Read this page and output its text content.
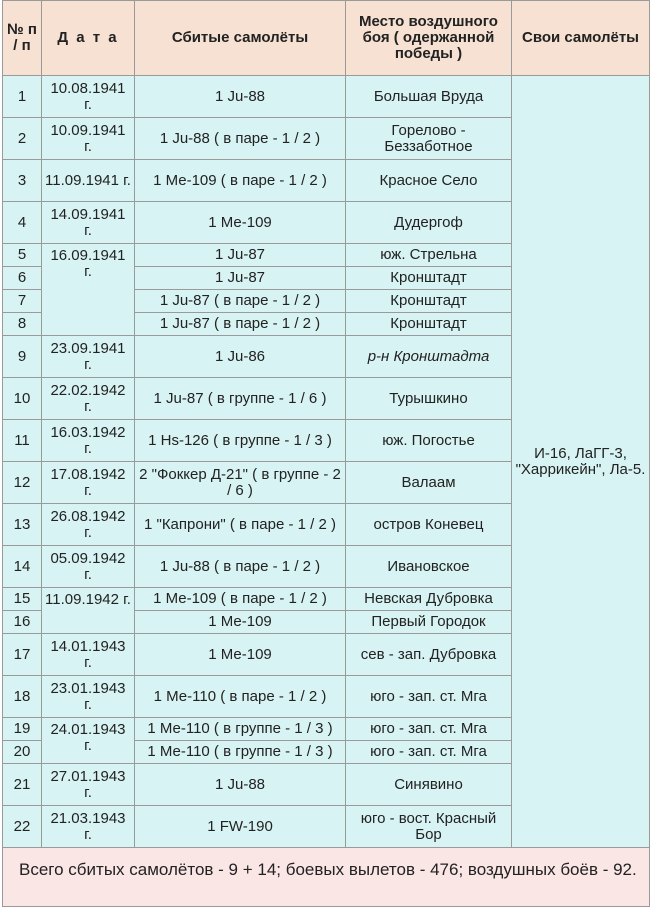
№ п / п	Д а т а	Сбитые самолёты	Место воздушного боя ( одержанной победы )	Свои самолёты
1	10.08.1941 г.	1 Ju-88	Большая Вруда	И-16, ЛаГГ-3, "Харрикейн", Ла-5.
2	10.09.1941 г.	1 Ju-88 ( в паре - 1 / 2 )	Горелово - Беззаботное	
3	11.09.1941 г.	1 Ме-109 ( в паре - 1 / 2 )	Красное Село	
4	14.09.1941 г.	1 Ме-109	Дудергоф	
5	16.09.1941 г.	1 Ju-87	юж. Стрельна	
6		1 Ju-87	Кронштадт	
7		1 Ju-87 ( в паре - 1 / 2 )	Кронштадт	
8		1 Ju-87 ( в паре - 1 / 2 )	Кронштадт	
9	23.09.1941 г.	1 Ju-86	р-н Кронштадта	
10	22.02.1942 г.	1 Ju-87 ( в группе - 1 / 6 )	Турышкино	
11	16.03.1942 г.	1 Hs-126 ( в группе - 1 / 3 )	юж. Погостье	
12	17.08.1942 г.	2 "Фоккер Д-21" ( в группе - 2 / 6 )	Валаам	
13	26.08.1942 г.	1 "Капрони" ( в паре - 1 / 2 )	остров Коневец	
14	05.09.1942 г.	1 Ju-88 ( в паре - 1 / 2 )	Ивановское	
15	11.09.1942 г.	1 Ме-109 ( в паре - 1 / 2 )	Невская Дубровка	
16		1 Ме-109	Первый Городок	
17	14.01.1943 г.	1 Ме-109	сев - зап. Дубровка	
18	23.01.1943 г.	1 Ме-110 ( в паре - 1 / 2 )	юго - зап. ст. Мга	
19	24.01.1943 г.	1 Ме-110 ( в группе - 1 / 3 )	юго - зап. ст. Мга	
20		1 Ме-110 ( в группе - 1 / 3 )	юго - зап. ст. Мга	
21	27.01.1943 г.	1 Ju-88	Синявино	
22	21.03.1943 г.	1 FW-190	юго - вост. Красный Бор	
Всего сбитых самолётов - 9 + 14; боевых вылетов - 476; воздушных боёв - 92.				
